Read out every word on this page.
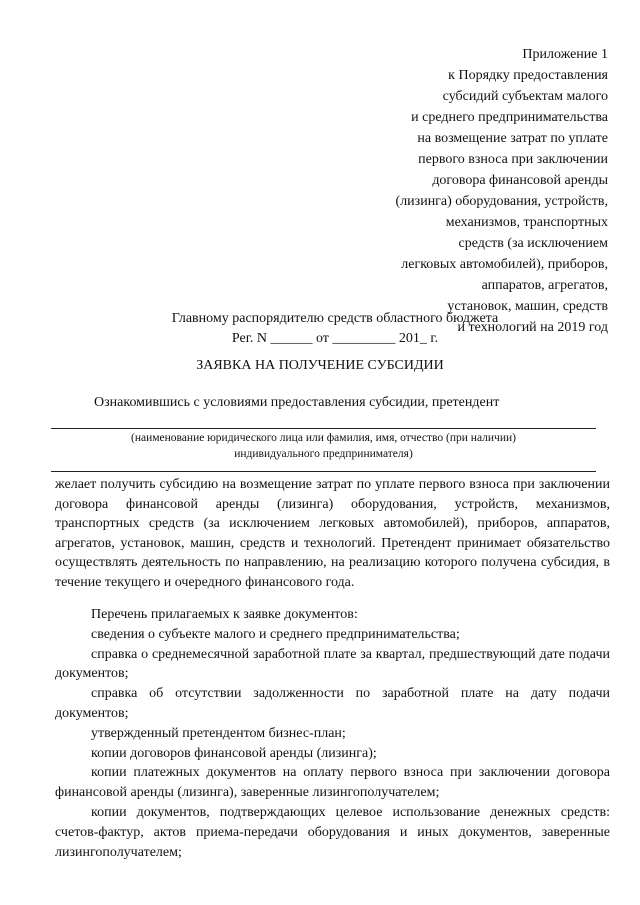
Приложение 1
к Порядку предоставления
субсидий субъектам малого
и среднего предпринимательства
на возмещение затрат по уплате
первого взноса при заключении
договора финансовой аренды
(лизинга) оборудования, устройств,
механизмов, транспортных
средств (за исключением
легковых автомобилей), приборов,
аппаратов, агрегатов,
установок, машин, средств
и технологий на 2019 год
Главному распорядителю средств областного бюджета
Рег. N ______ от _________ 201_ г.
ЗАЯВКА НА ПОЛУЧЕНИЕ СУБСИДИИ
Ознакомившись с условиями предоставления субсидии, претендент
(наименование юридического лица или фамилия, имя, отчество (при наличии)
индивидуального предпринимателя)
желает получить субсидию на возмещение затрат по уплате первого взноса при заключении договора финансовой аренды (лизинга) оборудования, устройств, механизмов, транспортных средств (за исключением легковых автомобилей), приборов, аппаратов, агрегатов, установок, машин, средств и технологий. Претендент принимает обязательство осуществлять деятельность по направлению, на реализацию которого получена субсидия, в течение текущего и очередного финансового года.
Перечень прилагаемых к заявке документов:
сведения о субъекте малого и среднего предпринимательства;
справка о среднемесячной заработной плате за квартал, предшествующий дате подачи документов;
справка об отсутствии задолженности по заработной плате на дату подачи документов;
утвержденный претендентом бизнес-план;
копии договоров финансовой аренды (лизинга);
копии платежных документов на оплату первого взноса при заключении договора финансовой аренды (лизинга), заверенные лизингополучателем;
копии документов, подтверждающих целевое использование денежных средств: счетов-фактур, актов приема-передачи оборудования и иных документов, заверенные лизингополучателем;
